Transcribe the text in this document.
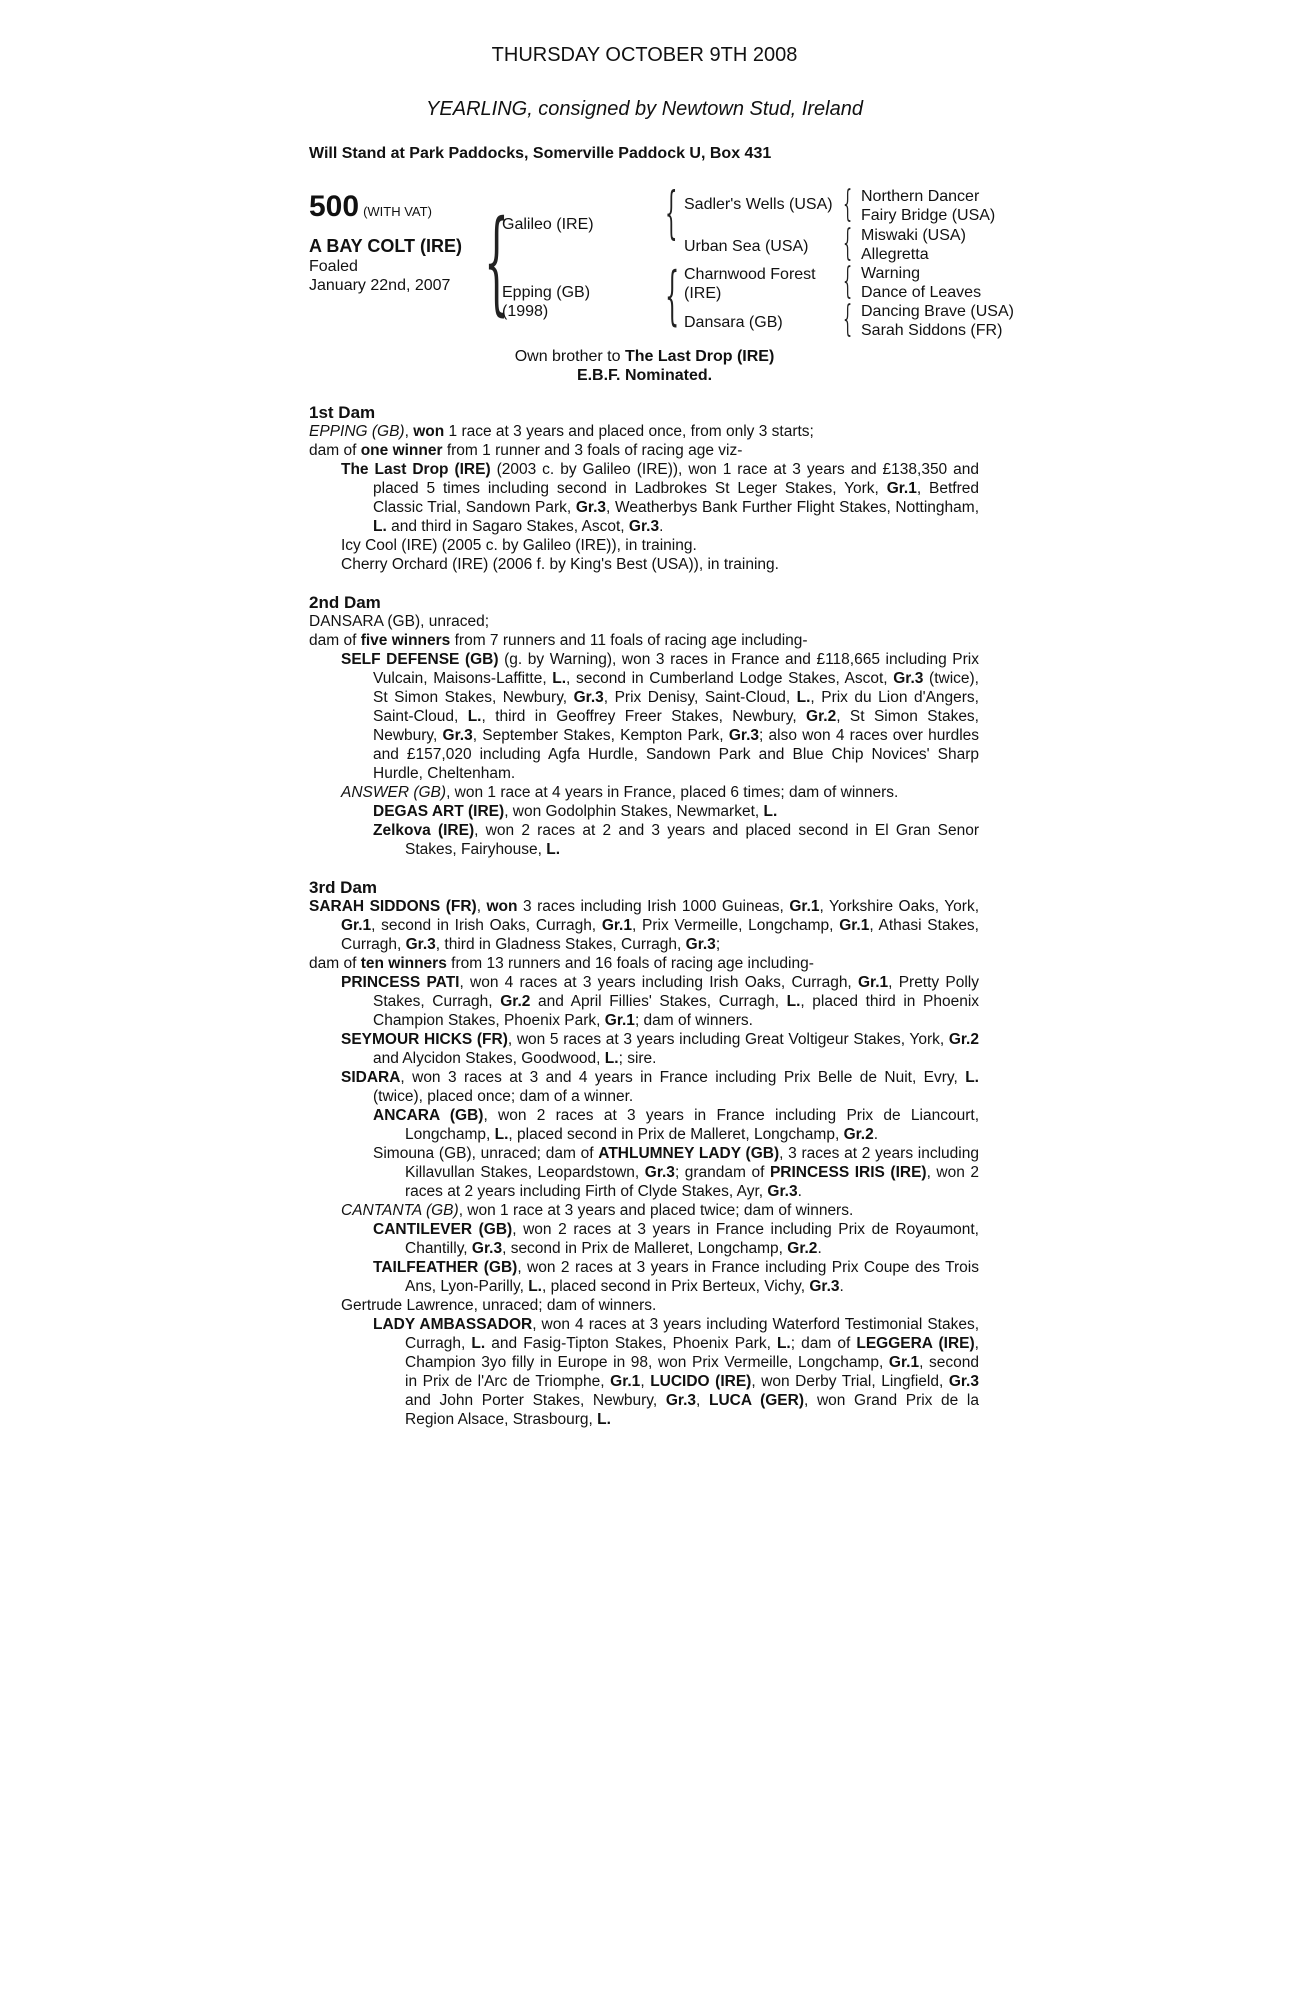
THURSDAY OCTOBER 9TH 2008
YEARLING, consigned by Newtown Stud, Ireland
Will Stand at Park Paddocks, Somerville Paddock U, Box 431
500 (WITH VAT)
A BAY COLT (IRE)
Foaled
January 22nd, 2007 {
Galileo (IRE)
Epping (GB)
(1998)
{
{
Sadler's Wells (USA)
Urban Sea (USA)
Charnwood Forest
(IRE)
Dansara (GB)
{
{
{
{
Northern Dancer
Fairy Bridge (USA)
Miswaki (USA)
Allegretta
Warning
Dance of Leaves
Dancing Brave (USA)
Sarah Siddons (FR)
Own brother to The Last Drop (IRE)
E.B.F. Nominated.

1st Dam

EPPING (GB), won 1 race at 3 years and placed once, from only 3 starts;

dam of one winner from 1 runner and 3 foals of racing age viz-

The Last Drop (IRE) (2003 c. by Galileo (IRE)), won 1 race at 3 years and £138,350 and placed 5 times including second in Ladbrokes St Leger Stakes, York, Gr.1, Betfred Classic Trial, Sandown Park, Gr.3, Weatherbys Bank Further Flight Stakes, Nottingham, L. and third in Sagaro Stakes, Ascot, Gr.3.

Icy Cool (IRE) (2005 c. by Galileo (IRE)), in training.

Cherry Orchard (IRE) (2006 f. by King's Best (USA)), in training.

2nd Dam

DANSARA (GB), unraced;

dam of five winners from 7 runners and 11 foals of racing age including-

SELF DEFENSE (GB) (g. by Warning), won 3 races in France and £118,665 including Prix Vulcain, Maisons-Laffitte, L., second in Cumberland Lodge Stakes, Ascot, Gr.3 (twice), St Simon Stakes, Newbury, Gr.3, Prix Denisy, Saint-Cloud, L., Prix du Lion d'Angers, Saint-Cloud, L., third in Geoffrey Freer Stakes, Newbury, Gr.2, St Simon Stakes, Newbury, Gr.3, September Stakes, Kempton Park, Gr.3; also won 4 races over hurdles and £157,020 including Agfa Hurdle, Sandown Park and Blue Chip Novices' Sharp Hurdle, Cheltenham.

ANSWER (GB), won 1 race at 4 years in France, placed 6 times; dam of winners.

DEGAS ART (IRE), won Godolphin Stakes, Newmarket, L.

Zelkova (IRE), won 2 races at 2 and 3 years and placed second in El Gran Senor Stakes, Fairyhouse, L.

3rd Dam

SARAH SIDDONS (FR), won 3 races including Irish 1000 Guineas, Gr.1, Yorkshire Oaks, York, Gr.1, second in Irish Oaks, Curragh, Gr.1, Prix Vermeille, Longchamp, Gr.1, Athasi Stakes, Curragh, Gr.3, third in Gladness Stakes, Curragh, Gr.3;

dam of ten winners from 13 runners and 16 foals of racing age including-

PRINCESS PATI, won 4 races at 3 years including Irish Oaks, Curragh, Gr.1, Pretty Polly Stakes, Curragh, Gr.2 and April Fillies' Stakes, Curragh, L., placed third in Phoenix Champion Stakes, Phoenix Park, Gr.1; dam of winners.

SEYMOUR HICKS (FR), won 5 races at 3 years including Great Voltigeur Stakes, York, Gr.2 and Alycidon Stakes, Goodwood, L.; sire.

SIDARA, won 3 races at 3 and 4 years in France including Prix Belle de Nuit, Evry, L. (twice), placed once; dam of a winner.

ANCARA (GB), won 2 races at 3 years in France including Prix de Liancourt, Longchamp, L., placed second in Prix de Malleret, Longchamp, Gr.2.

Simouna (GB), unraced; dam of ATHLUMNEY LADY (GB), 3 races at 2 years including Killavullan Stakes, Leopardstown, Gr.3; grandam of PRINCESS IRIS (IRE), won 2 races at 2 years including Firth of Clyde Stakes, Ayr, Gr.3.

CANTANTA (GB), won 1 race at 3 years and placed twice; dam of winners.

CANTILEVER (GB), won 2 races at 3 years in France including Prix de Royaumont, Chantilly, Gr.3, second in Prix de Malleret, Longchamp, Gr.2.

TAILFEATHER (GB), won 2 races at 3 years in France including Prix Coupe des Trois Ans, Lyon-Parilly, L., placed second in Prix Berteux, Vichy, Gr.3.

Gertrude Lawrence, unraced; dam of winners.

LADY AMBASSADOR, won 4 races at 3 years including Waterford Testimonial Stakes, Curragh, L. and Fasig-Tipton Stakes, Phoenix Park, L.; dam of LEGGERA (IRE), Champion 3yo filly in Europe in 98, won Prix Vermeille, Longchamp, Gr.1, second in Prix de l'Arc de Triomphe, Gr.1, LUCIDO (IRE), won Derby Trial, Lingfield, Gr.3 and John Porter Stakes, Newbury, Gr.3, LUCA (GER), won Grand Prix de la Region Alsace, Strasbourg, L.
